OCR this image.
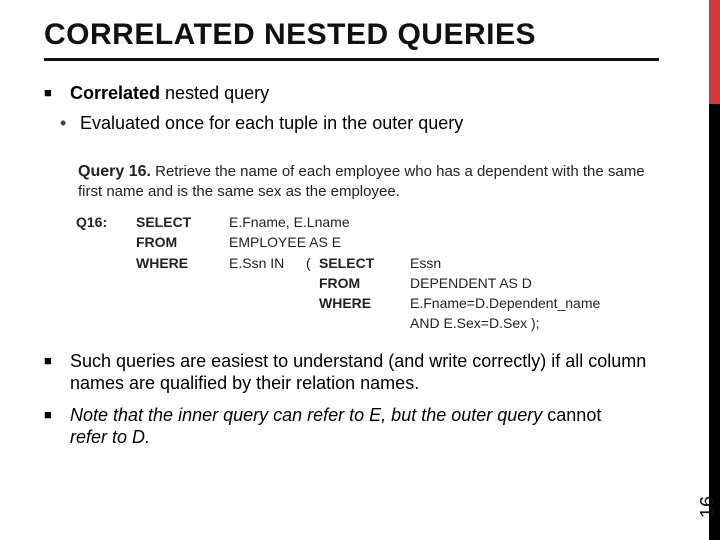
CORRELATED NESTED QUERIES
16
■ Correlated nested query
• Evaluated once for each tuple in the outer query
Query 16. Retrieve the name of each employee who has a dependent with the same first name and is the same sex as the employee.
Q16: SELECT	E.Fname, E.Lname
FROM	EMPLOYEE AS E
WHERE	E.Ssn IN ( SELECT	Essn
FROM	DEPENDENT AS D
WHERE	E.Fname=D.Dependent_name
AND E.Sex=D.Sex );
■ Such queries are easiest to understand (and write correctly) if all column names are qualified by their relation names.
■ Note that the inner query can refer to E, but the outer query cannot
refer to D.
